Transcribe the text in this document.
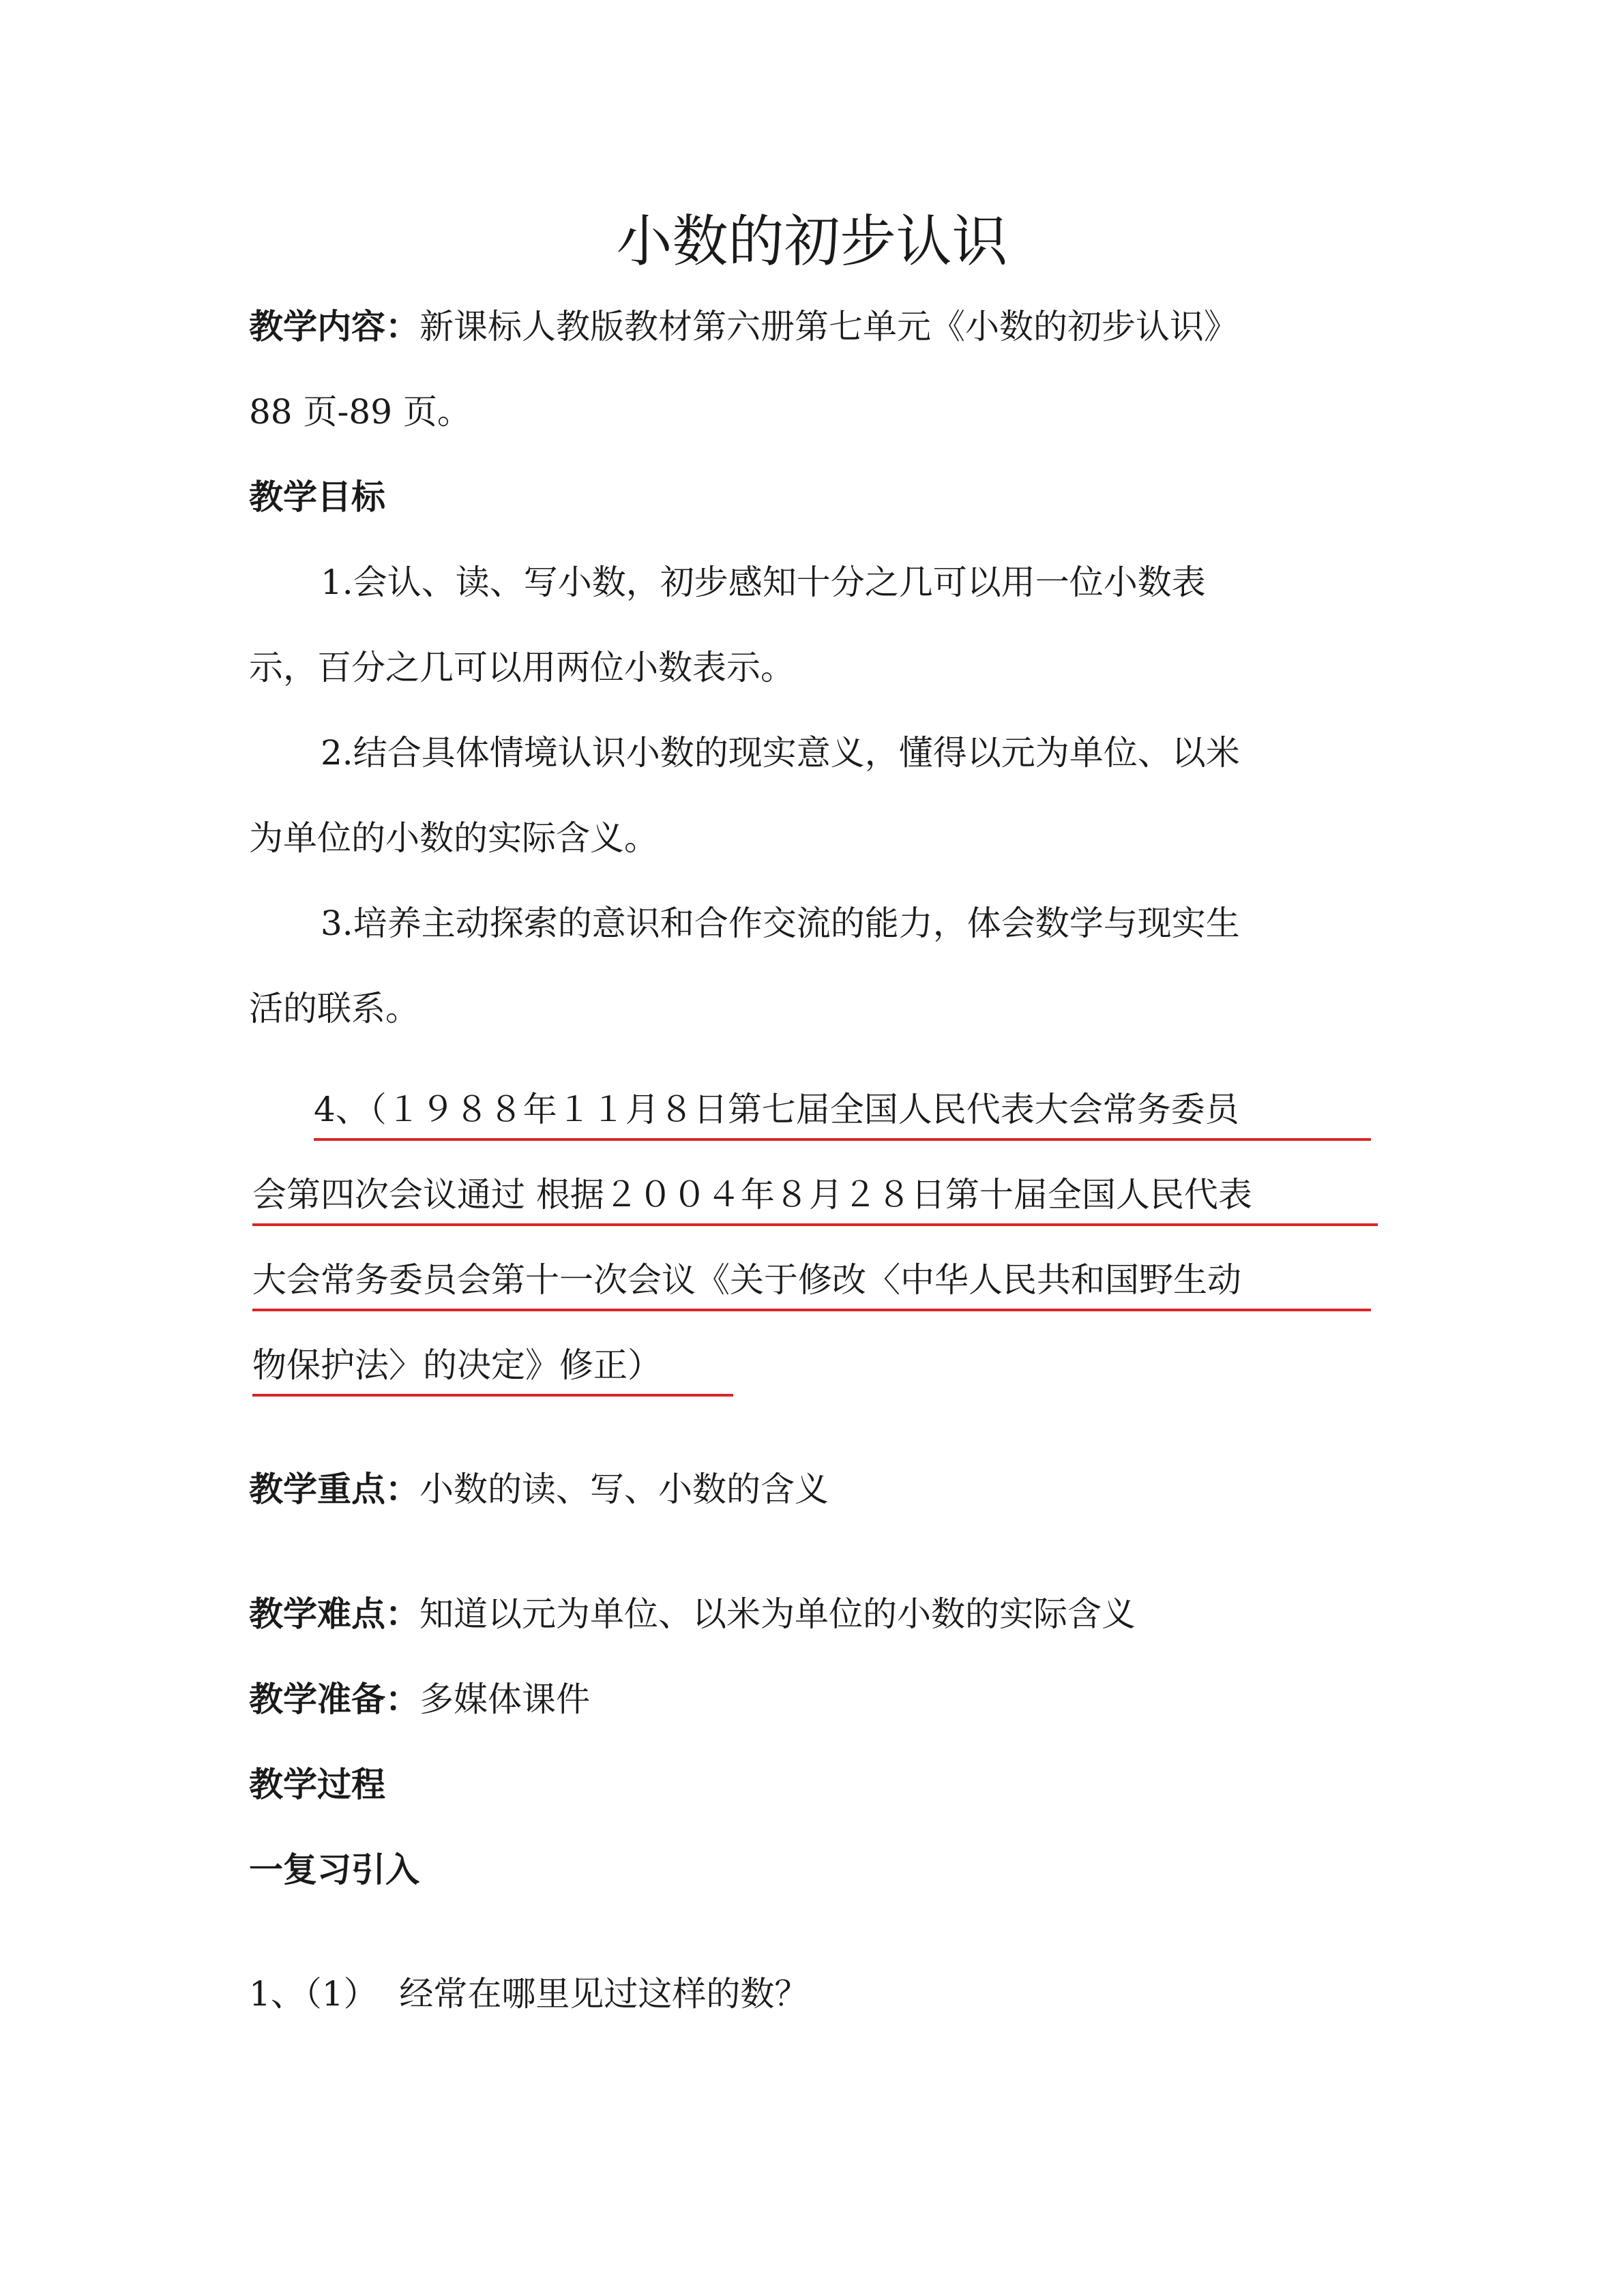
小数的初步认识
教学内容：新课标人教版教材第六册第七单元《小数的初步认识》
88 页-89 页。
教学目标
1.会认、读、写小数，初步感知十分之几可以用一位小数表
示，百分之几可以用两位小数表示。
2.结合具体情境认识小数的现实意义，懂得以元为单位、以米
为单位的小数的实际含义。
3.培养主动探索的意识和合作交流的能力，体会数学与现实生
活的联系。
4、（１９８８年１１月８日第七届全国人民代表大会常务委员
会第四次会议通过 根据２００４年８月２８日第十届全国人民代表
大会常务委员会第十一次会议《关于修改〈中华人民共和国野生动
物保护法〉的决定》修正）
教学重点：小数的读、写、小数的含义
教学难点：知道以元为单位、以米为单位的小数的实际含义
教学准备：多媒体课件
教学过程
一复习引入
1、（1）  经常在哪里见过这样的数？
